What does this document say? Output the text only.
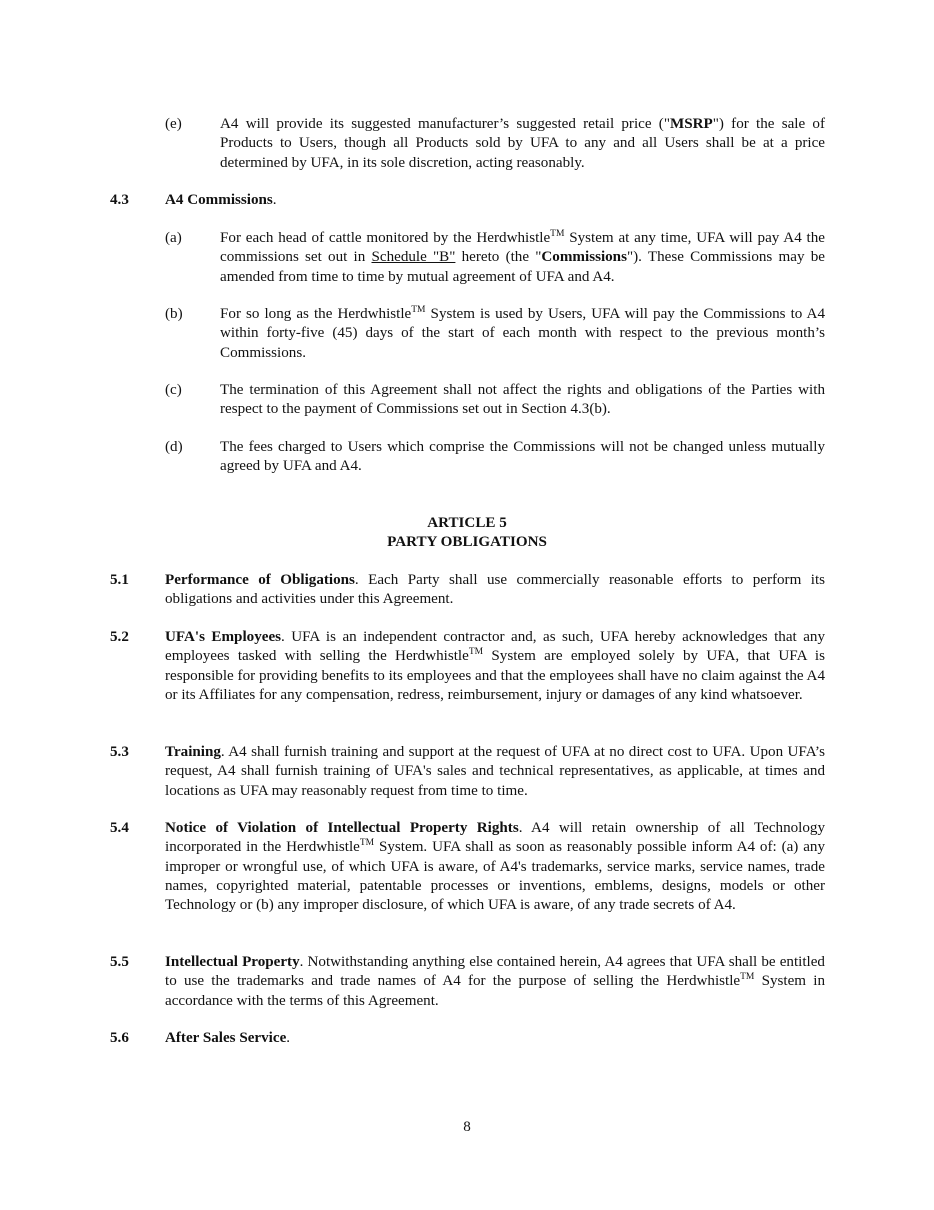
(e)	A4 will provide its suggested manufacturer’s suggested retail price ("MSRP") for the sale of Products to Users, though all Products sold by UFA to any and all Users shall be at a price determined by UFA, in its sole discretion, acting reasonably.
4.3 A4 Commissions.
(a)	For each head of cattle monitored by the Herdwhistle™ System at any time, UFA will pay A4 the commissions set out in Schedule "B" hereto (the "Commissions"). These Commissions may be amended from time to time by mutual agreement of UFA and A4.
(b) For so long as the Herdwhistle™ System is used by Users, UFA will pay the Commissions to A4 within forty-five (45) days of the start of each month with respect to the previous month’s Commissions.
(c)	The termination of this Agreement shall not affect the rights and obligations of the Parties with respect to the payment of Commissions set out in Section 4.3(b).
(d) The fees charged to Users which comprise the Commissions will not be changed unless mutually agreed by UFA and A4.
ARTICLE 5
PARTY OBLIGATIONS
5.1 Performance of Obligations. Each Party shall use commercially reasonable efforts to perform its obligations and activities under this Agreement.
5.2 UFA's Employees. UFA is an independent contractor and, as such, UFA hereby acknowledges that any employees tasked with selling the Herdwhistle™ System are employed solely by UFA, that UFA is responsible for providing benefits to its employees and that the employees shall have no claim against the A4 or its Affiliates for any compensation, redress, reimbursement, injury or damages of any kind whatsoever.
5.3 Training. A4 shall furnish training and support at the request of UFA at no direct cost to UFA. Upon UFA’s request, A4 shall furnish training of UFA's sales and technical representatives, as applicable, at times and locations as UFA may reasonably request from time to time.
5.4 Notice of Violation of Intellectual Property Rights. A4 will retain ownership of all Technology incorporated in the Herdwhistle™ System. UFA shall as soon as reasonably possible inform A4 of: (a) any improper or wrongful use, of which UFA is aware, of A4's trademarks, service marks, service names, trade names, copyrighted material, patentable processes or inventions, emblems, designs, models or other Technology or (b) any improper disclosure, of which UFA is aware, of any trade secrets of A4.
5.5 Intellectual Property. Notwithstanding anything else contained herein, A4 agrees that UFA shall be entitled to use the trademarks and trade names of A4 for the purpose of selling the Herdwhistle™ System in accordance with the terms of this Agreement.
5.6 After Sales Service.
8
